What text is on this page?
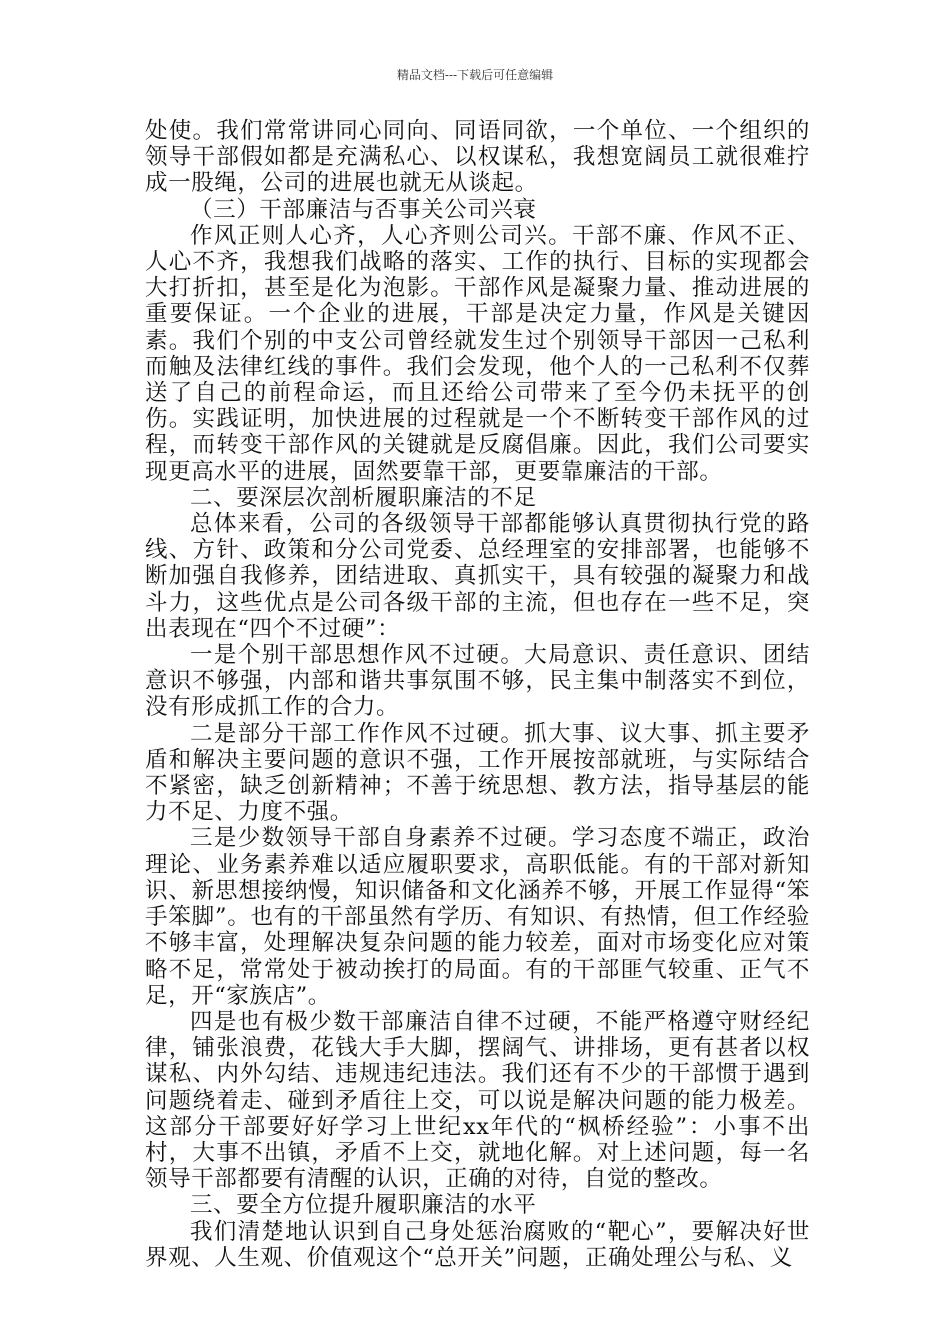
精品文档---下载后可任意编辑

处使。我们常常讲同心同向、同语同欲，一个单位、一个组织的领导干部假如都是充满私心、以权谋私，我想宽阔员工就很难拧成一股绳，公司的进展也就无从谈起。

（三）干部廉洁与否事关公司兴衰

作风正则人心齐，人心齐则公司兴。干部不廉、作风不正、人心不齐，我想我们战略的落实、工作的执行、目标的实现都会大打折扣，甚至是化为泡影。干部作风是凝聚力量、推动进展的重要保证。一个企业的进展，干部是决定力量，作风是关键因素。我们个别的中支公司曾经就发生过个别领导干部因一己私利而触及法律红线的事件。我们会发现，他个人的一己私利不仅葬送了自己的前程命运，而且还给公司带来了至今仍未抚平的创伤。实践证明，加快进展的过程就是一个不断转变干部作风的过程，而转变干部作风的关键就是反腐倡廉。因此，我们公司要实现更高水平的进展，固然要靠干部，更要靠廉洁的干部。

二、要深层次剖析履职廉洁的不足

总体来看，公司的各级领导干部都能够认真贯彻执行党的路线、方针、政策和分公司党委、总经理室的安排部署，也能够不断加强自我修养，团结进取、真抓实干，具有较强的凝聚力和战斗力，这些优点是公司各级干部的主流，但也存在一些不足，突出表现在“四个不过硬”：

一是个别干部思想作风不过硬。大局意识、责任意识、团结意识不够强，内部和谐共事氛围不够，民主集中制落实不到位，没有形成抓工作的合力。

二是部分干部工作作风不过硬。抓大事、议大事、抓主要矛盾和解决主要问题的意识不强，工作开展按部就班，与实际结合不紧密，缺乏创新精神；不善于统思想、教方法，指导基层的能力不足、力度不强。

三是少数领导干部自身素养不过硬。学习态度不端正，政治理论、业务素养难以适应履职要求，高职低能。有的干部对新知识、新思想接纳慢，知识储备和文化涵养不够，开展工作显得“笨手笨脚”。也有的干部虽然有学历、有知识、有热情，但工作经验不够丰富，处理解决复杂问题的能力较差，面对市场变化应对策略不足，常常处于被动挨打的局面。有的干部匪气较重、正气不足，开“家族店”。

四是也有极少数干部廉洁自律不过硬，不能严格遵守财经纪律，铺张浪费，花钱大手大脚，摆阔气、讲排场，更有甚者以权谋私、内外勾结、违规违纪违法。我们还有不少的干部惯于遇到问题绕着走、碰到矛盾往上交，可以说是解决问题的能力极差。这部分干部要好好学习上世纪xx年代的“枫桥经验”：小事不出村，大事不出镇，矛盾不上交，就地化解。对上述问题，每一名领导干部都要有清醒的认识，正确的对待，自觉的整改。

三、要全方位提升履职廉洁的水平

我们清楚地认识到自己身处惩治腐败的“靶心”，要解决好世界观、人生观、价值观这个“总开关”问题，正确处理公与私、义
